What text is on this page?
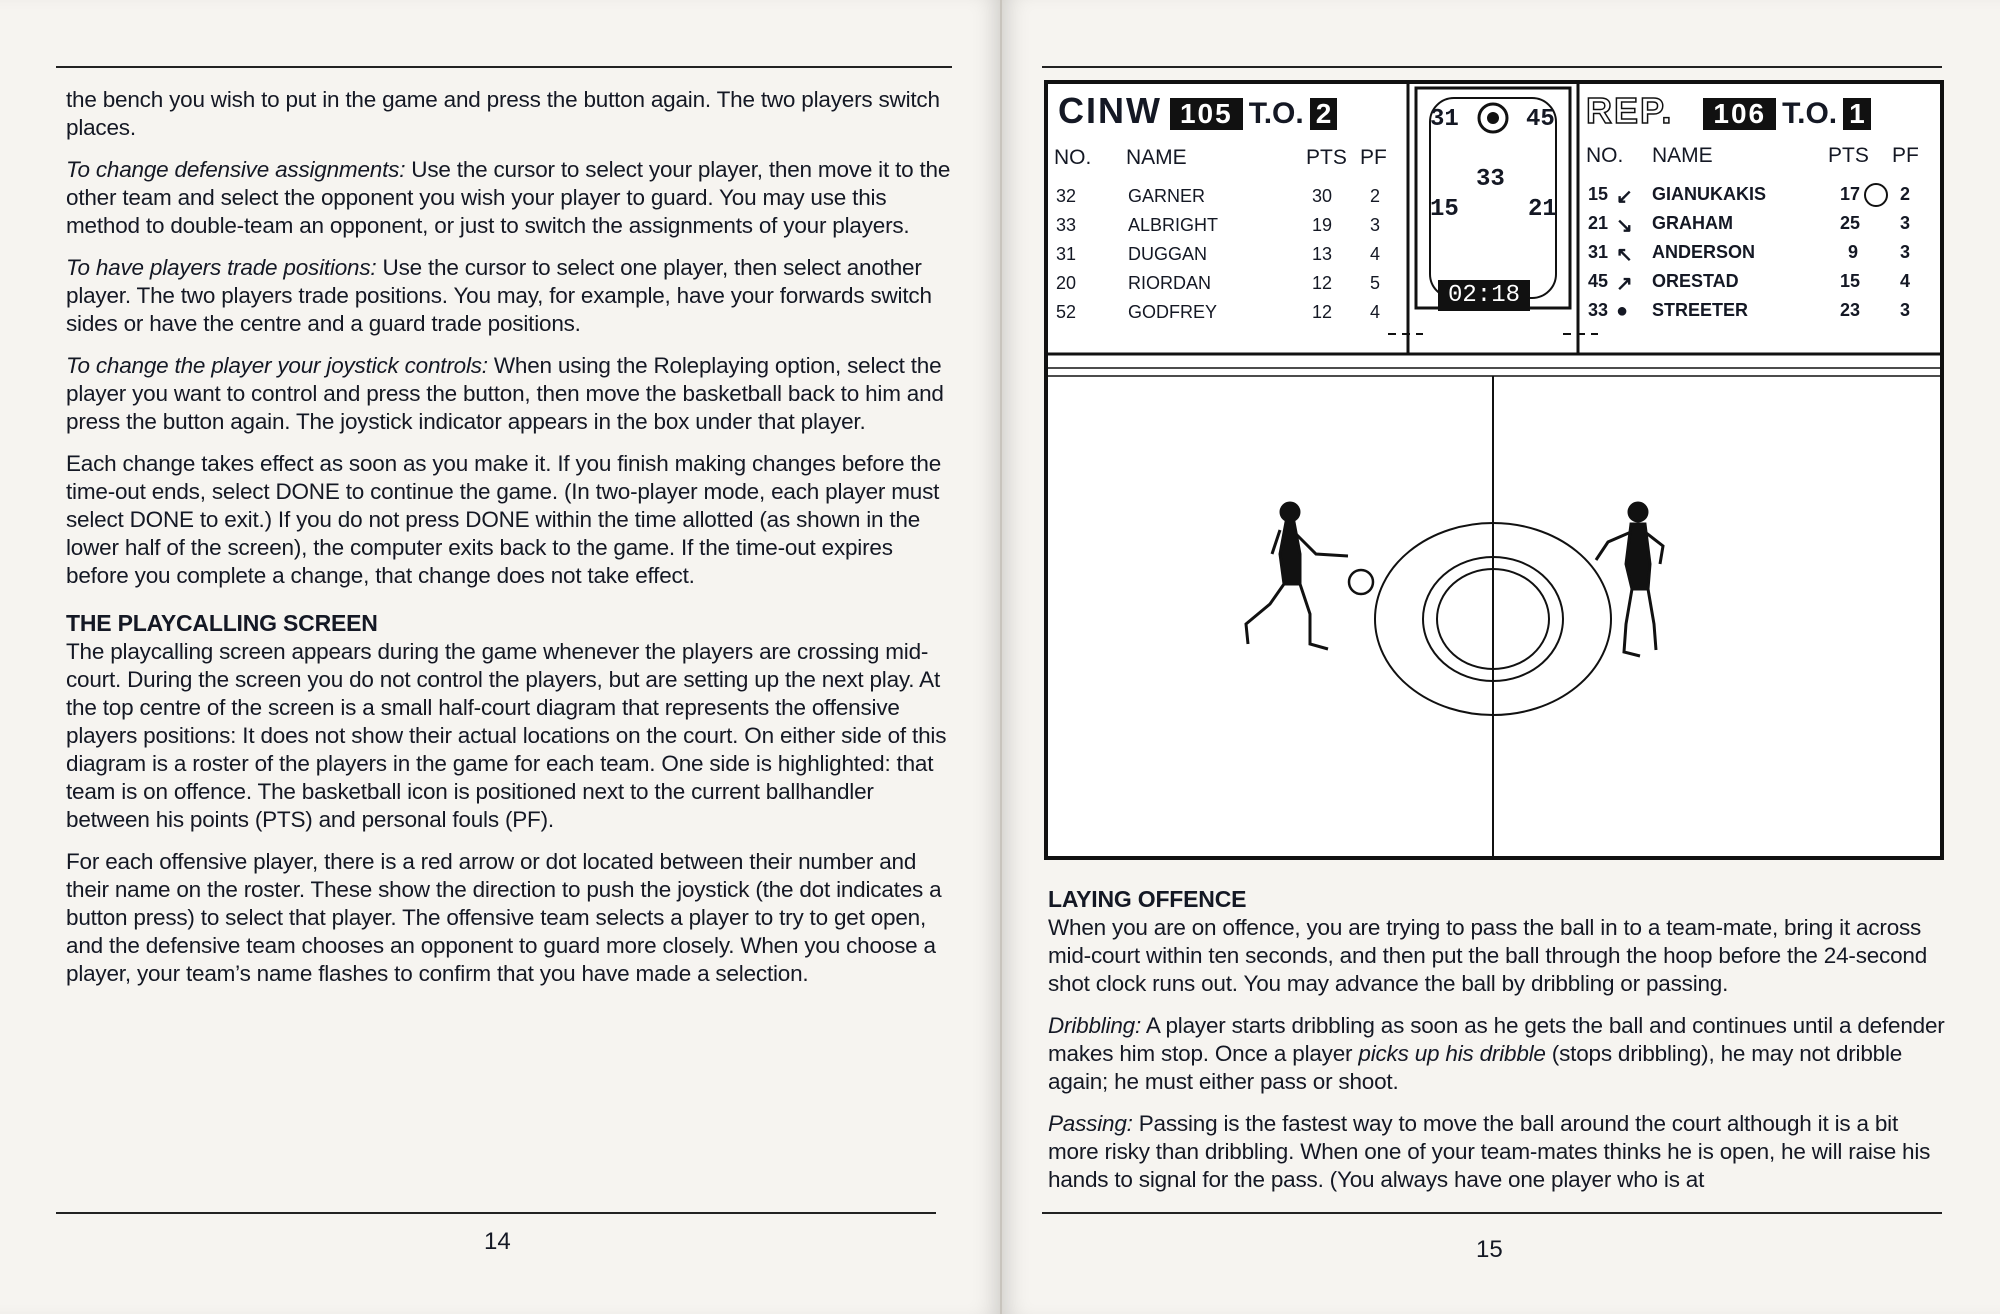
the bench you wish to put in the game and press the button again. The two players switch places.

To change defensive assignments: Use the cursor to select your player, then move it to the other team and select the opponent you wish your player to guard. You may use this method to double-team an opponent, or just to switch the assignments of your players.

To have players trade positions: Use the cursor to select one player, then select another player. The two players trade positions. You may, for example, have your forwards switch sides or have the centre and a guard trade positions.

To change the player your joystick controls: When using the Roleplaying option, select the player you want to control and press the button, then move the basketball back to him and press the button again. The joystick indicator appears in the box under that player.

Each change takes effect as soon as you make it. If you finish making changes before the time-out ends, select DONE to continue the game. (In two-player mode, each player must select DONE to exit.) If you do not press DONE within the time allotted (as shown in the lower half of the screen), the computer exits back to the game. If the time-out expires before you complete a change, that change does not take effect.

THE PLAYCALLING SCREEN

The playcalling screen appears during the game whenever the players are crossing mid-court. During the screen you do not control the players, but are setting up the next play. At the top centre of the screen is a small half-court diagram that represents the offensive players positions: It does not show their actual locations on the court. On either side of this diagram is a roster of the players in the game for each team. One side is highlighted: that team is on offence. The basketball icon is positioned next to the current ballhandler between his points (PTS) and personal fouls (PF).

For each offensive player, there is a red arrow or dot located between their number and their name on the roster. These show the direction to push the joystick (the dot indicates a button press) to select that player. The offensive team selects a player to try to get open, and the defensive team chooses an opponent to guard more closely. When you choose a player, your team’s name flashes to confirm that you have made a selection.

14
CINW 105 T.O. 2
NO. NAME	PTS PF
32	GARNER	30 2
33	ALBRIGHT	19 3
31	DUGGAN	13 4
20	RIORDAN	12 5
52	GODFREY	12 4
31	45
33
15	21
02:18
REP. 106 T.O. 1
NO. NAME	PTS PF
15 ↙ GIANUKAKIS	17 2
21 ↘ GRAHAM	25 3
31 ↖ ANDERSON	9 3
45 ↗ ORESTAD	15 4
33 ● STREETER	23 3
LAYING OFFENCE

When you are on offence, you are trying to pass the ball in to a team-mate, bring it across mid-court within ten seconds, and then put the ball through the hoop before the 24-second shot clock runs out. You may advance the ball by dribbling or passing.

Dribbling: A player starts dribbling as soon as he gets the ball and continues until a defender makes him stop. Once a player picks up his dribble (stops dribbling), he may not dribble again; he must either pass or shoot.

Passing: Passing is the fastest way to move the ball around the court although it is a bit more risky than dribbling. When one of your team-mates thinks he is open, he will raise his hands to signal for the pass. (You always have one player who is at

15
